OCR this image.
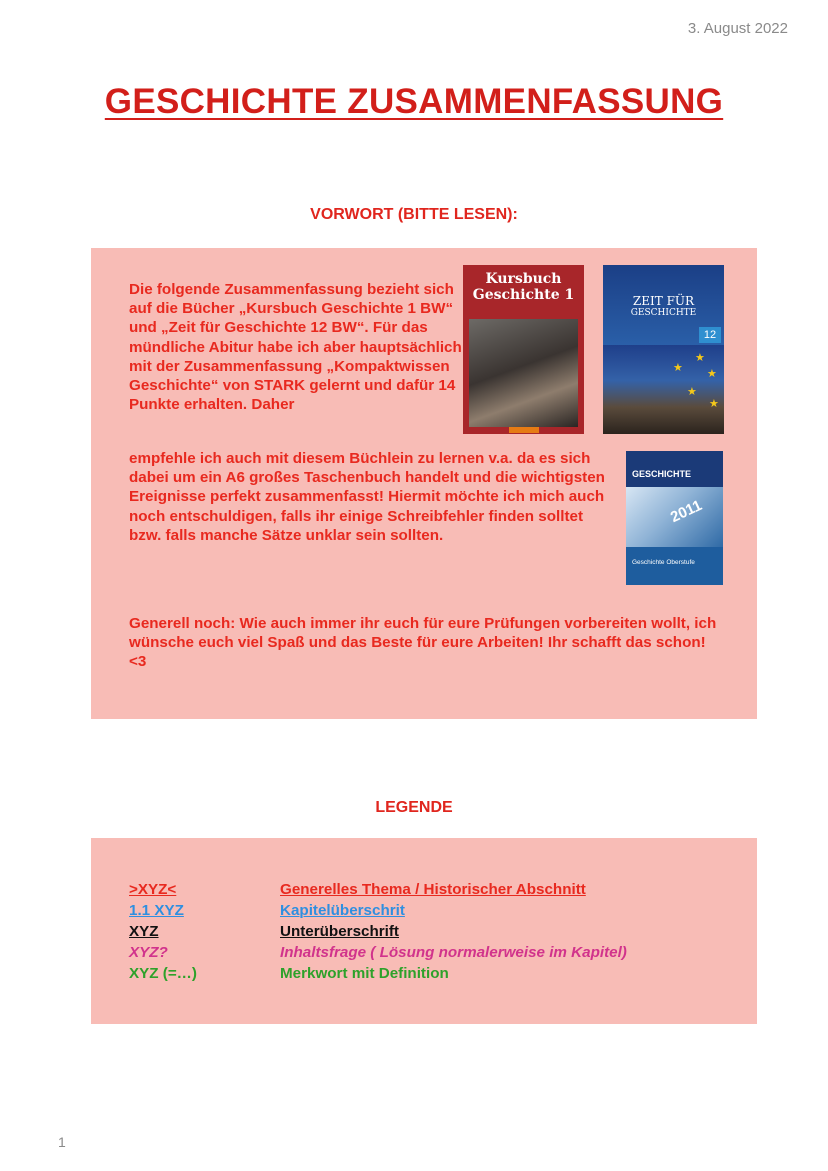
3. August 2022
GESCHICHTE ZUSAMMENFASSUNG
VORWORT (BITTE LESEN):

Die folgende Zusammenfassung bezieht sich auf die Bücher „Kursbuch Geschichte 1 BW“ und „Zeit für Geschichte 12 BW“. Für das mündliche Abitur habe ich aber hauptsächlich mit der Zusammenfassung „Kompaktwissen Geschichte“ von STARK gelernt und dafür 14 Punkte erhalten. Daher

empfehle ich auch mit diesem Büchlein zu lernen v.a. da es sich dabei um ein A6 großes Taschenbuch handelt und die wichtigsten Ereignisse perfekt zusammenfasst! Hiermit möchte ich mich auch noch entschuldigen, falls ihr einige Schreibfehler finden solltet bzw. falls manche Sätze unklar sein sollten.

Generell noch: Wie auch immer ihr euch für eure Prüfungen vorbereiten wollt, ich wünsche euch viel Spaß und das Beste für eure Arbeiten! Ihr schafft das schon! <3

Kursbuch
Geschichte 1	ZEIT FÜR
GESCHICHTE
12
★
★
★
★
★
GESCHICHTE
2011
Geschichte Oberstufe
LEGENDE
>XYZ<	Generelles Thema / Historischer Abschnitt
1.1 XYZ	Kapitelüberschrit
XYZ	Unterüberschrift
XYZ?	Inhaltsfrage ( Lösung normalerweise im Kapitel)
XYZ (=…)	Merkwort mit Definition
1
